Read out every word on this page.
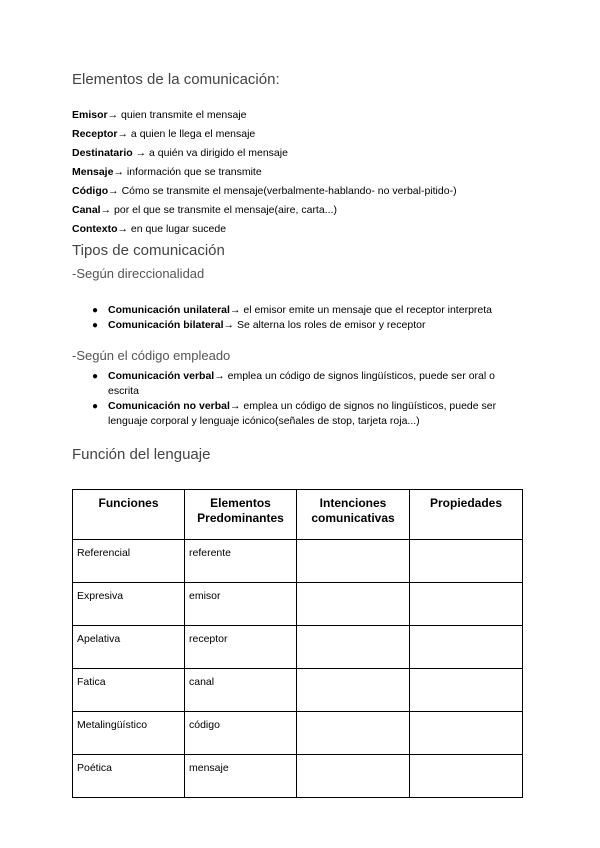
Elementos de la comunicación:
Emisor→ quien transmite el mensaje
Receptor→ a quien le llega el mensaje
Destinatario → a quién va dirigido el mensaje
Mensaje→ información que se transmite
Código→ Cómo se transmite el mensaje(verbalmente-hablando- no verbal-pitido-)
Canal→ por el que se transmite el mensaje(aire, carta...)
Contexto→ en que lugar sucede
Tipos de comunicación
-Según direccionalidad
● Comunicación unilateral→ el emisor emite un mensaje que el receptor interpreta
● Comunicación bilateral→ Se alterna los roles de emisor y receptor
-Según el código empleado
● Comunicación verbal→ emplea un código de signos lingüísticos, puede ser oral o escrita
● Comunicación no verbal→ emplea un código de signos no lingüísticos, puede ser lenguaje corporal y lenguaje icónico(señales de stop, tarjeta roja...)
Función del lenguaje
Funciones	Elementos Predominantes	Intenciones comunicativas	Propiedades
Referencial	referente		
Expresiva	emisor		
Apelativa	receptor		
Fatica	canal		
Metalingüístico	código		
Poética	mensaje		
